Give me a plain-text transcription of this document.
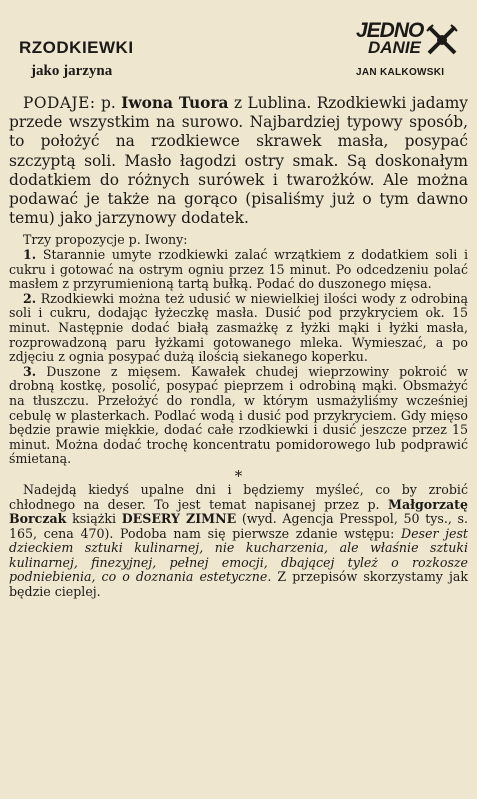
RZODKIEWKI
jako jarzyna
JEDNO
DANIE
JAN KALKOWSKI

PODAJE: p. Iwona Tuora z Lublina. Rzodkiewki jadamy przede wszystkim na surowo. Najbardziej typowy sposób, to położyć na rzodkiewce skrawek masła, posypać szczyptą soli. Masło łagodzi ostry smak. Są doskonałym dodatkiem do różnych surówek i twarożków. Ale można podawać je także na gorąco (pisaliśmy już o tym dawno temu) jako jarzynowy dodatek.

Trzy propozycje p. Iwony:

1. Starannie umyte rzodkiewki zalać wrzątkiem z dodatkiem soli i cukru i gotować na ostrym ogniu przez 15 minut. Po odcedzeniu polać masłem z przyrumienioną tartą bułką. Podać do duszonego mięsa.

2. Rzodkiewki można też udusić w niewielkiej ilości wody z odrobiną soli i cukru, dodając łyżeczkę masła. Dusić pod przykryciem ok. 15 minut. Następnie dodać białą zasmażkę z łyżki mąki i łyżki masła, rozprowadzoną paru łyżkami gotowanego mleka. Wymieszać, a po zdjęciu z ognia posypać dużą ilością siekanego koperku.

3. Duszone z mięsem. Kawałek chudej wieprzowiny pokroić w drobną kostkę, posolić, posypać pieprzem i odrobiną mąki. Obsmażyć na tłuszczu. Przełożyć do rondla, w którym usmażyliśmy wcześniej cebulę w plasterkach. Podlać wodą i dusić pod przykryciem. Gdy mięso będzie prawie miękkie, dodać całe rzodkiewki i dusić jeszcze przez 15 minut. Można dodać trochę koncentratu pomidorowego lub podprawić śmietaną.

*

Nadejdą kiedyś upalne dni i będziemy myśleć, co by zrobić chłodnego na deser. To jest temat napisanej przez p. Małgorzatę Borczak książki DESERY ZIMNE (wyd. Agencja Presspol, 50 tys., s. 165, cena 470). Podoba nam się pierwsze zdanie wstępu: Deser jest dzieckiem sztuki kulinarnej, nie kucharzenia, ale właśnie sztuki kulinarnej, finezyjnej, pełnej emocji, dbającej tyleż o rozkosze podniebienia, co o doznania estetyczne. Z przepisów skorzystamy jak będzie cieplej.
